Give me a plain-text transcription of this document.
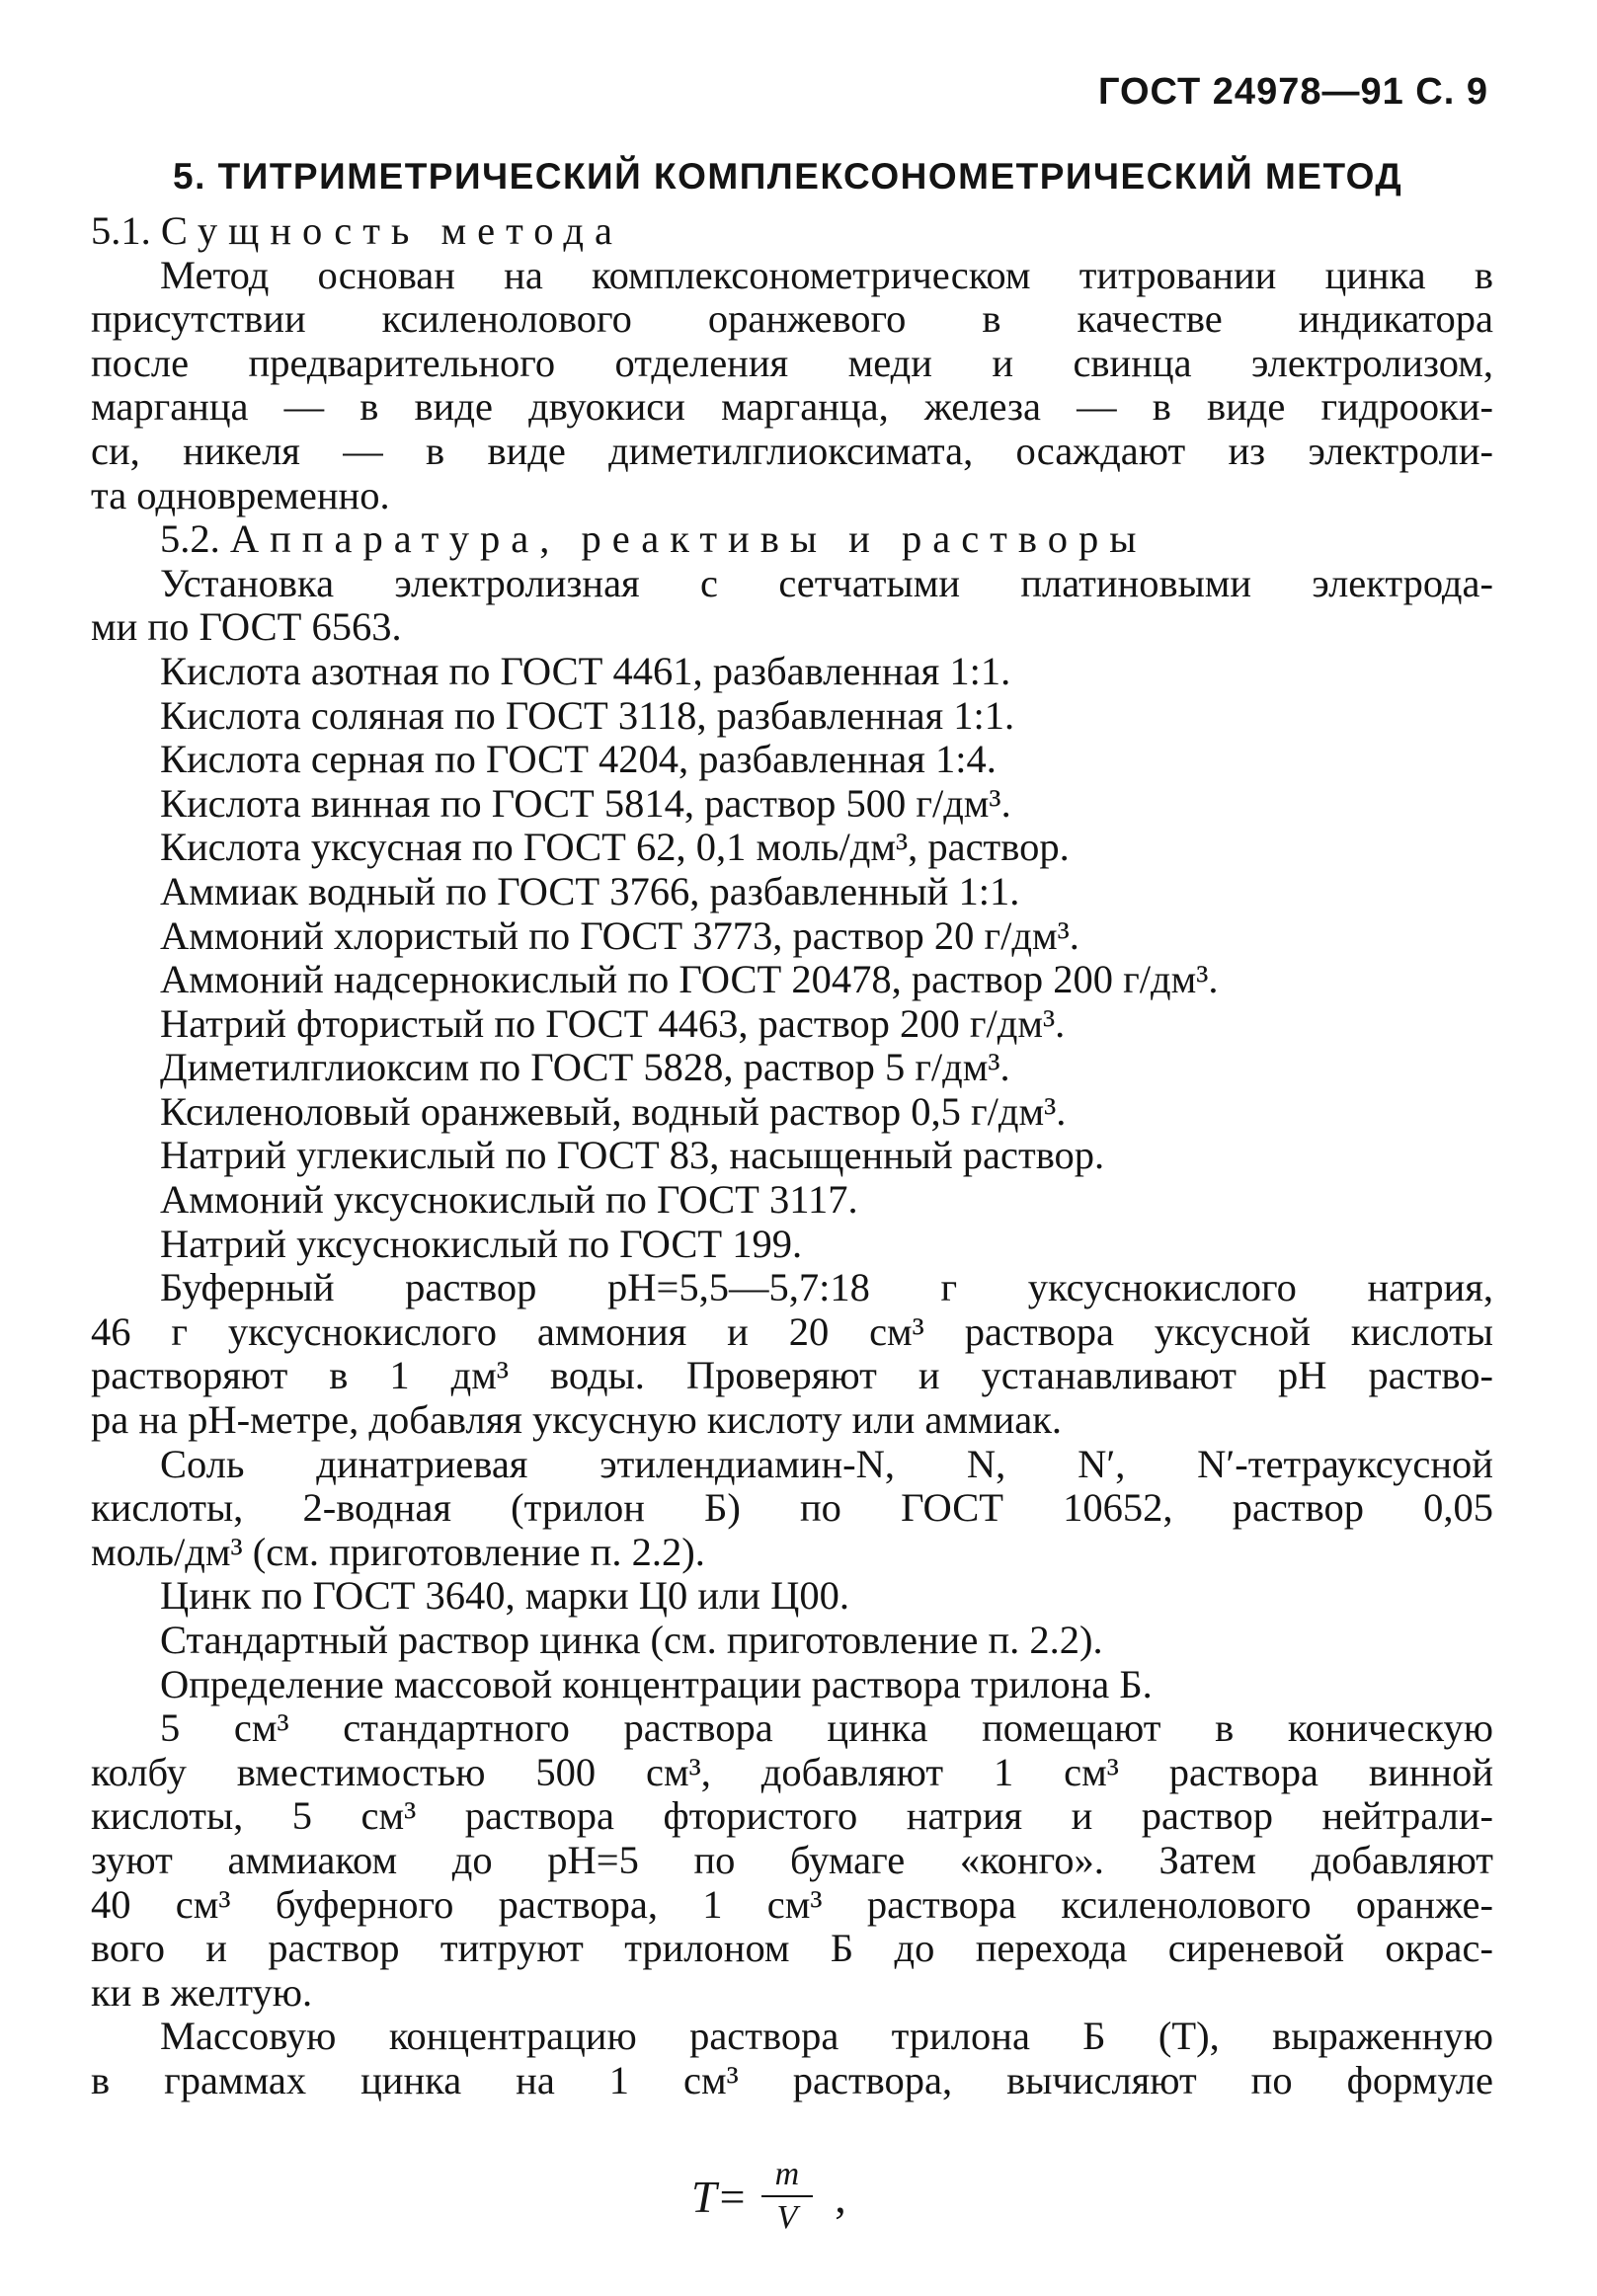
ГОСТ 24978—91 С. 9
5. ТИТРИМЕТРИЧЕСКИЙ КОМПЛЕКСОНОМЕТРИЧЕСКИЙ МЕТОД
5.1. Сущность метода
Метод основан на комплексонометрическом титровании цинка в
присутствии ксиленолового оранжевого в качестве индикатора
после предварительного отделения меди и свинца электролизом,
марганца — в виде двуокиси марганца, железа — в виде гидрооки-
си, никеля — в виде диметилглиоксимата, осаждают из электроли-
та одновременно.
5.2. Аппаратура, реактивы и растворы
Установка электролизная с сетчатыми платиновыми электрода-
ми по ГОСТ 6563.
Кислота азотная по ГОСТ 4461, разбавленная 1:1.
Кислота соляная по ГОСТ 3118, разбавленная 1:1.
Кислота серная по ГОСТ 4204, разбавленная 1:4.
Кислота винная по ГОСТ 5814, раствор 500 г/дм³.
Кислота уксусная по ГОСТ 62, 0,1 моль/дм³, раствор.
Аммиак водный по ГОСТ 3766, разбавленный 1:1.
Аммоний хлористый по ГОСТ 3773, раствор 20 г/дм³.
Аммоний надсернокислый по ГОСТ 20478, раствор 200 г/дм³.
Натрий фтористый по ГОСТ 4463, раствор 200 г/дм³.
Диметилглиоксим по ГОСТ 5828, раствор 5 г/дм³.
Ксиленоловый оранжевый, водный раствор 0,5 г/дм³.
Натрий углекислый по ГОСТ 83, насыщенный раствор.
Аммоний уксуснокислый по ГОСТ 3117.
Натрий уксуснокислый по ГОСТ 199.
Буферный раствор рН=5,5—5,7:18 г уксуснокислого натрия,
46 г уксуснокислого аммония и 20 см³ раствора уксусной кислоты
растворяют в 1 дм³ воды. Проверяют и устанавливают рН раство-
ра на рН-метре, добавляя уксусную кислоту или аммиак.
Соль динатриевая этилендиамин-N, N, N′, N′-тетрауксусной
кислоты, 2-водная (трилон Б) по ГОСТ 10652, раствор 0,05
моль/дм³ (см. приготовление п. 2.2).
Цинк по ГОСТ 3640, марки Ц0 или Ц00.
Стандартный раствор цинка (см. приготовление п. 2.2).
Определение массовой концентрации раствора трилона Б.
5 см³ стандартного раствора цинка помещают в коническую
колбу вместимостью 500 см³, добавляют 1 см³ раствора винной
кислоты, 5 см³ раствора фтористого натрия и раствор нейтрали-
зуют аммиаком до рН=5 по бумаге «конго». Затем добавляют
40 см³ буферного раствора, 1 см³ раствора ксиленолового оранже-
вого и раствор титруют трилоном Б до перехода сиреневой окрас-
ки в желтую.
Массовую концентрацию раствора трилона Б (T), выраженную
в граммах цинка на 1 см³ раствора, вычисляют по формуле
$T= \frac{m}{V}$ ,
